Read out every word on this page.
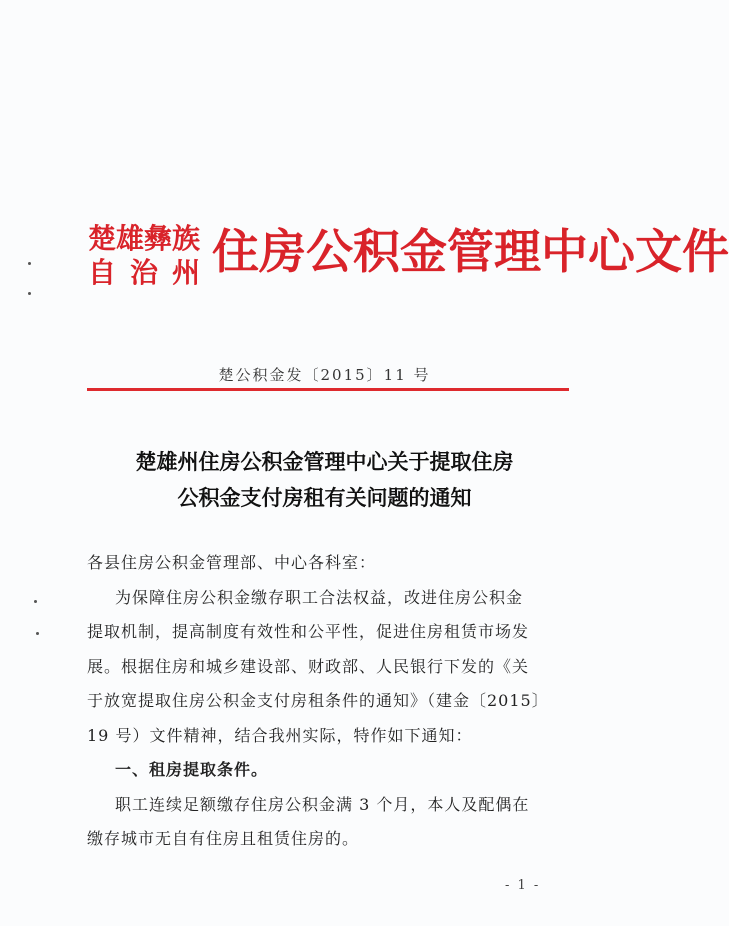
楚雄彝族
自治州
住房公积金管理中心文件
楚公积金发〔2015〕11 号
楚雄州住房公积金管理中心关于提取住房
公积金支付房租有关问题的通知

各县住房公积金管理部、中心各科室：

为保障住房公积金缴存职工合法权益，改进住房公积金

提取机制，提高制度有效性和公平性，促进住房租赁市场发

展。根据住房和城乡建设部、财政部、人民银行下发的《关

于放宽提取住房公积金支付房租条件的通知》（建金〔2015〕

19 号）文件精神，结合我州实际，特作如下通知：

一、租房提取条件。

职工连续足额缴存住房公积金满 3 个月，本人及配偶在

缴存城市无自有住房且租赁住房的。

- 1 -
